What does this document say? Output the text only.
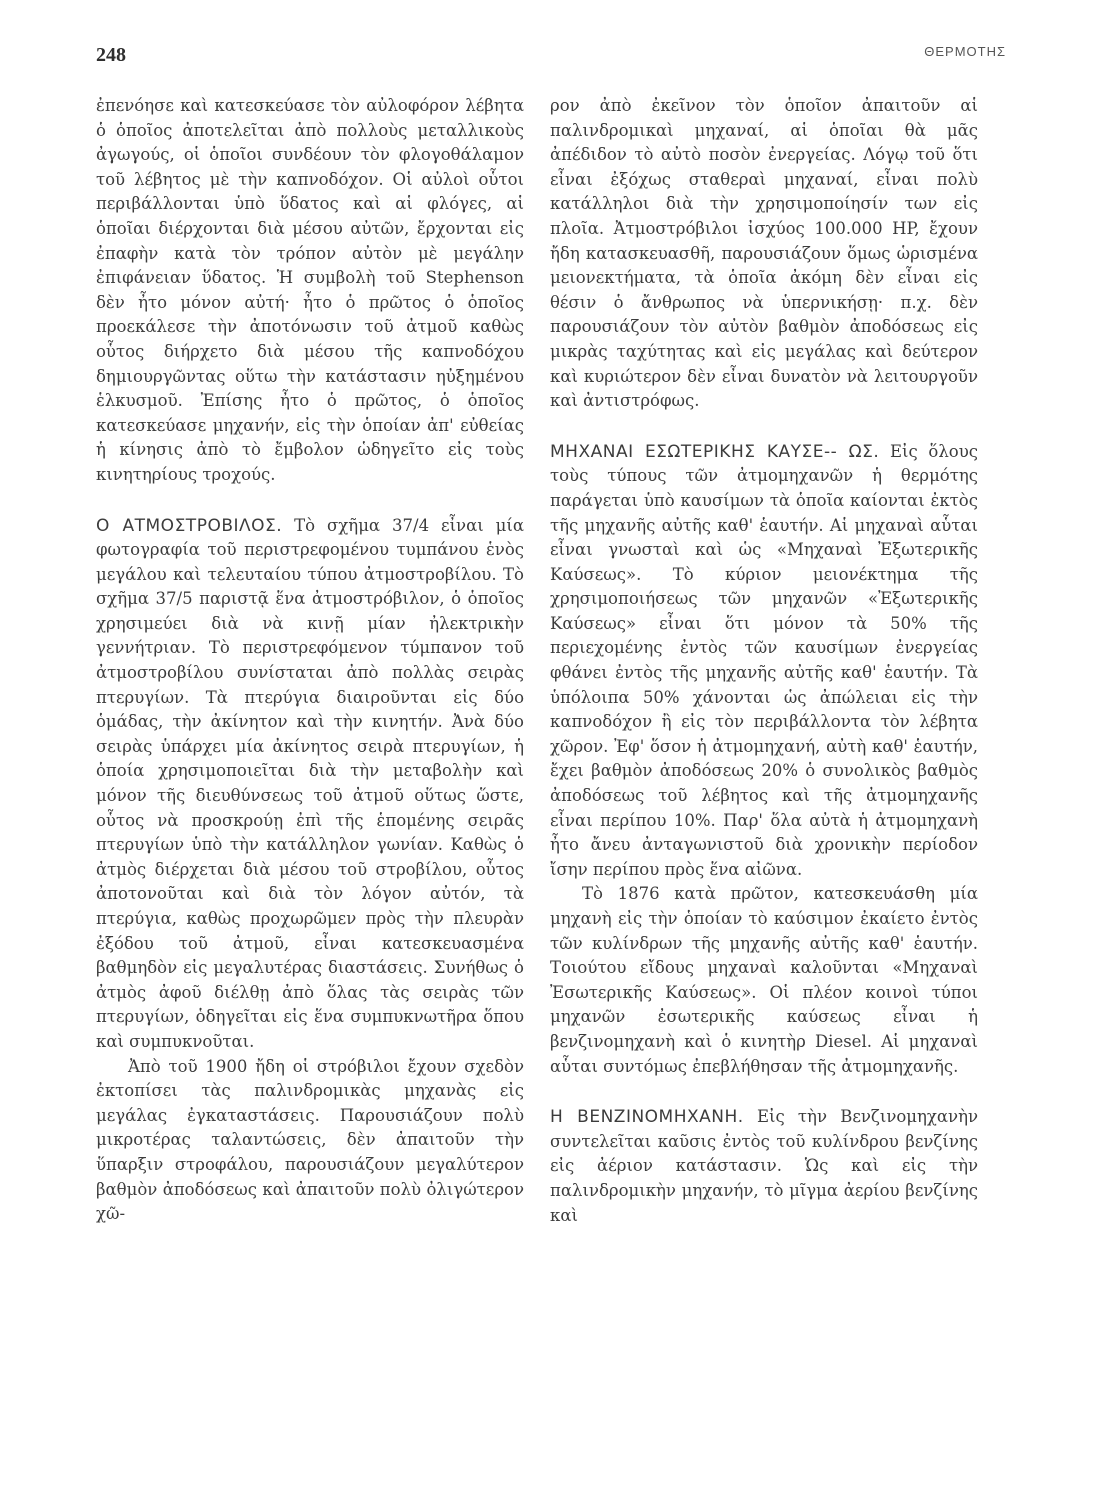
248	ΘΕΡΜΟΤΗΣ

ἐπενόησε καὶ κατεσκεύασε τὸν αὐλοφόρον λέβητα ὁ ὁποῖος ἀποτελεῖται ἀπὸ πολλοὺς μεταλλικοὺς ἀγωγούς, οἱ ὁποῖοι συνδέουν τὸν φλογοθάλαμον τοῦ λέβητος μὲ τὴν καπνοδόχον. Οἱ αὐλοὶ οὗτοι περιβάλλονται ὑπὸ ὕδατος καὶ αἱ φλόγες, αἱ ὁποῖαι διέρχονται διὰ μέσου αὐτῶν, ἔρχονται εἰς ἐπαφὴν κατὰ τὸν τρόπον αὐτὸν μὲ μεγάλην ἐπιφάνειαν ὕδατος. Ἡ συμβολὴ τοῦ Stephenson δὲν ἦτο μόνον αὐτή· ἦτο ὁ πρῶτος ὁ ὁποῖος προεκάλεσε τὴν ἀποτόνωσιν τοῦ ἀτμοῦ καθὼς οὗτος διήρχετο διὰ μέσου τῆς καπνοδόχου δημιουργῶντας οὕτω τὴν κατάστασιν ηὐξημένου ἑλκυσμοῦ. Ἐπίσης ἦτο ὁ πρῶτος, ὁ ὁποῖος κατεσκεύασε μηχανήν, εἰς τὴν ὁποίαν ἀπ' εὐθείας ἡ κίνησις ἀπὸ τὸ ἔμβολον ὡδηγεῖτο εἰς τοὺς κινητηρίους τροχούς.

Ο ΑΤΜΟΣΤΡΟΒΙΛΟΣ. Τὸ σχῆμα 37/4 εἶναι μία φωτογραφία τοῦ περιστρεφομένου τυμπάνου ἑνὸς μεγάλου καὶ τελευταίου τύπου ἀτμοστροβίλου. Τὸ σχῆμα 37/5 παριστᾷ ἕνα ἀτμοστρόβιλον, ὁ ὁποῖος χρησιμεύει διὰ νὰ κινῇ μίαν ἠλεκτρικὴν γεννήτριαν. Τὸ περιστρεφόμενον τύμπανον τοῦ ἀτμοστροβίλου συνίσταται ἀπὸ πολλὰς σειρὰς πτερυγίων. Τὰ πτερύγια διαιροῦνται εἰς δύο ὁμάδας, τὴν ἀκίνητον καὶ τὴν κινητήν. Ἀνὰ δύο σειρὰς ὑπάρχει μία ἀκίνητος σειρὰ πτερυγίων, ἡ ὁποία χρησιμοποιεῖται διὰ τὴν μεταβολὴν καὶ μόνον τῆς διευθύνσεως τοῦ ἀτμοῦ οὕτως ὥστε, οὗτος νὰ προσκρούῃ ἐπὶ τῆς ἑπομένης σειρᾶς πτερυγίων ὑπὸ τὴν κατάλληλον γωνίαν. Καθὼς ὁ ἀτμὸς διέρχεται διὰ μέσου τοῦ στροβίλου, οὗτος ἀποτονοῦται καὶ διὰ τὸν λόγον αὐτόν, τὰ πτερύγια, καθὼς προχωρῶμεν πρὸς τὴν πλευρὰν ἐξόδου τοῦ ἀτμοῦ, εἶναι κατεσκευασμένα βαθμηδὸν εἰς μεγαλυτέρας διαστάσεις. Συνήθως ὁ ἀτμὸς ἀφοῦ διέλθῃ ἀπὸ ὅλας τὰς σειρὰς τῶν πτερυγίων, ὁδηγεῖται εἰς ἕνα συμπυκνωτῆρα ὅπου καὶ συμπυκνοῦται.

Ἀπὸ τοῦ 1900 ἤδη οἱ στρόβιλοι ἔχουν σχεδὸν ἐκτοπίσει τὰς παλινδρομικὰς μηχανὰς εἰς μεγάλας ἐγκαταστάσεις. Παρουσιάζουν πολὺ μικροτέρας ταλαντώσεις, δὲν ἀπαιτοῦν τὴν ὕπαρξιν στροφάλου, παρουσιάζουν μεγαλύτερον βαθμὸν ἀποδόσεως καὶ ἀπαιτοῦν πολὺ ὀλιγώτερον χῶ-

ρον ἀπὸ ἐκεῖνον τὸν ὁποῖον ἀπαιτοῦν αἱ παλινδρομικαὶ μηχαναί, αἱ ὁποῖαι θὰ μᾶς ἀπέδιδον τὸ αὐτὸ ποσὸν ἐνεργείας. Λόγῳ τοῦ ὅτι εἶναι ἐξόχως σταθεραὶ μηχαναί, εἶναι πολὺ κατάλληλοι διὰ τὴν χρησιμοποίησίν των εἰς πλοῖα. Ἀτμοστρόβιλοι ἰσχύος 100.000 HP, ἔχουν ἤδη κατασκευασθῆ, παρουσιάζουν ὅμως ὡρισμένα μειονεκτήματα, τὰ ὁποῖα ἀκόμη δὲν εἶναι εἰς θέσιν ὁ ἄνθρωπος νὰ ὑπερνικήσῃ· π.χ. δὲν παρουσιάζουν τὸν αὐτὸν βαθμὸν ἀποδόσεως εἰς μικρὰς ταχύτητας καὶ εἰς μεγάλας καὶ δεύτερον καὶ κυριώτερον δὲν εἶναι δυνατὸν νὰ λειτουργοῦν καὶ ἀντιστρόφως.

ΜΗΧΑΝΑΙ ΕΣΩΤΕΡΙΚΗΣ ΚΑΥΣΕ-- ΩΣ. Εἰς ὅλους τοὺς τύπους τῶν ἀτμομηχανῶν ἡ θερμότης παράγεται ὑπὸ καυσίμων τὰ ὁποῖα καίονται ἐκτὸς τῆς μηχανῆς αὐτῆς καθ' ἑαυτήν. Αἱ μηχαναὶ αὗται εἶναι γνωσταὶ καὶ ὡς «Μηχαναὶ Ἐξωτερικῆς Καύσεως». Τὸ κύριον μειονέκτημα τῆς χρησιμοποιήσεως τῶν μηχανῶν «Ἐξωτερικῆς Καύσεως» εἶναι ὅτι μόνον τὰ 50% τῆς περιεχομένης ἐντὸς τῶν καυσίμων ἐνεργείας φθάνει ἐντὸς τῆς μηχανῆς αὐτῆς καθ' ἑαυτήν. Τὰ ὑπόλοιπα 50% χάνονται ὡς ἀπώλειαι εἰς τὴν καπνοδόχον ἢ εἰς τὸν περιβάλλοντα τὸν λέβητα χῶρον. Ἐφ' ὅσον ἡ ἀτμομηχανή, αὐτὴ καθ' ἑαυτήν, ἔχει βαθμὸν ἀποδόσεως 20% ὁ συνολικὸς βαθμὸς ἀποδόσεως τοῦ λέβητος καὶ τῆς ἀτμομηχανῆς εἶναι περίπου 10%. Παρ' ὅλα αὐτὰ ἡ ἀτμομηχανὴ ἦτο ἄνευ ἀνταγωνιστοῦ διὰ χρονικὴν περίοδον ἴσην περίπου πρὸς ἕνα αἰῶνα.

Τὸ 1876 κατὰ πρῶτον, κατεσκευάσθη μία μηχανὴ εἰς τὴν ὁποίαν τὸ καύσιμον ἐκαίετο ἐντὸς τῶν κυλίνδρων τῆς μηχανῆς αὐτῆς καθ' ἑαυτήν. Τοιούτου εἴδους μηχαναὶ καλοῦνται «Μηχαναὶ Ἐσωτερικῆς Καύσεως». Οἱ πλέον κοινοὶ τύποι μηχανῶν ἐσωτερικῆς καύσεως εἶναι ἡ βενζινομηχανὴ καὶ ὁ κινητὴρ Diesel. Αἱ μηχαναὶ αὗται συντόμως ἐπεβλήθησαν τῆς ἀτμομηχανῆς.

Η ΒΕΝΖΙΝΟΜΗΧΑΝΗ. Εἰς τὴν Βενζινομηχανὴν συντελεῖται καῦσις ἐντὸς τοῦ κυλίνδρου βενζίνης εἰς ἀέριον κατάστασιν. Ὡς καὶ εἰς τὴν παλινδρομικὴν μηχανήν, τὸ μῖγμα ἀερίου βενζίνης καὶ
